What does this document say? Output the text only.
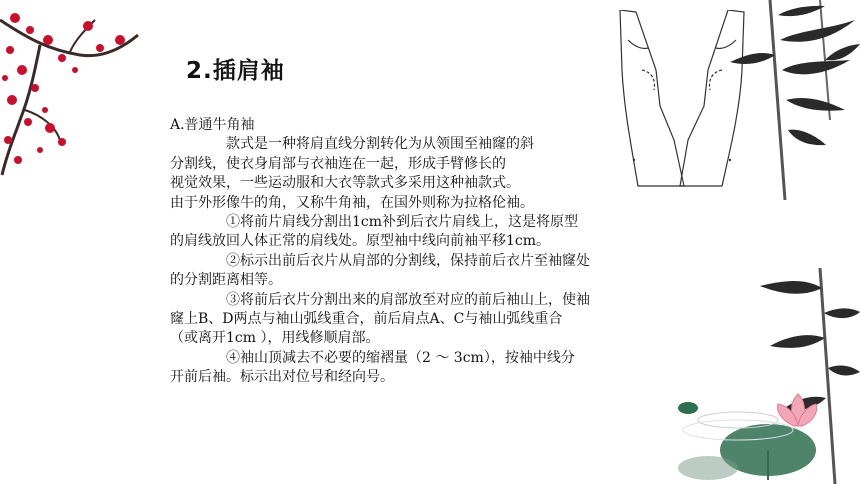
2.插肩袖

A.普通牛角袖

款式是一种将肩直线分割转化为从领围至袖窿的斜

分割线，使衣身肩部与衣袖连在一起，形成手臂修长的

视觉效果，一些运动服和大衣等款式多采用这种袖款式。

由于外形像牛的角，又称牛角袖，在国外则称为拉格伦袖。

①将前片肩线分割出1cm补到后衣片肩线上，这是将原型

的肩线放回人体正常的肩线处。原型袖中线向前袖平移1cm。

②标示出前后衣片从肩部的分割线，保持前后衣片至袖窿处

的分割距离相等。

③将前后衣片分割出来的肩部放至对应的前后袖山上，使袖

窿上B、D两点与袖山弧线重合，前后肩点A、C与袖山弧线重合

（或离开1cm ），用线修顺肩部。

④袖山顶减去不必要的缩褶量（2 ～ 3cm），按袖中线分

开前后袖。标示出对位号和经向号。
